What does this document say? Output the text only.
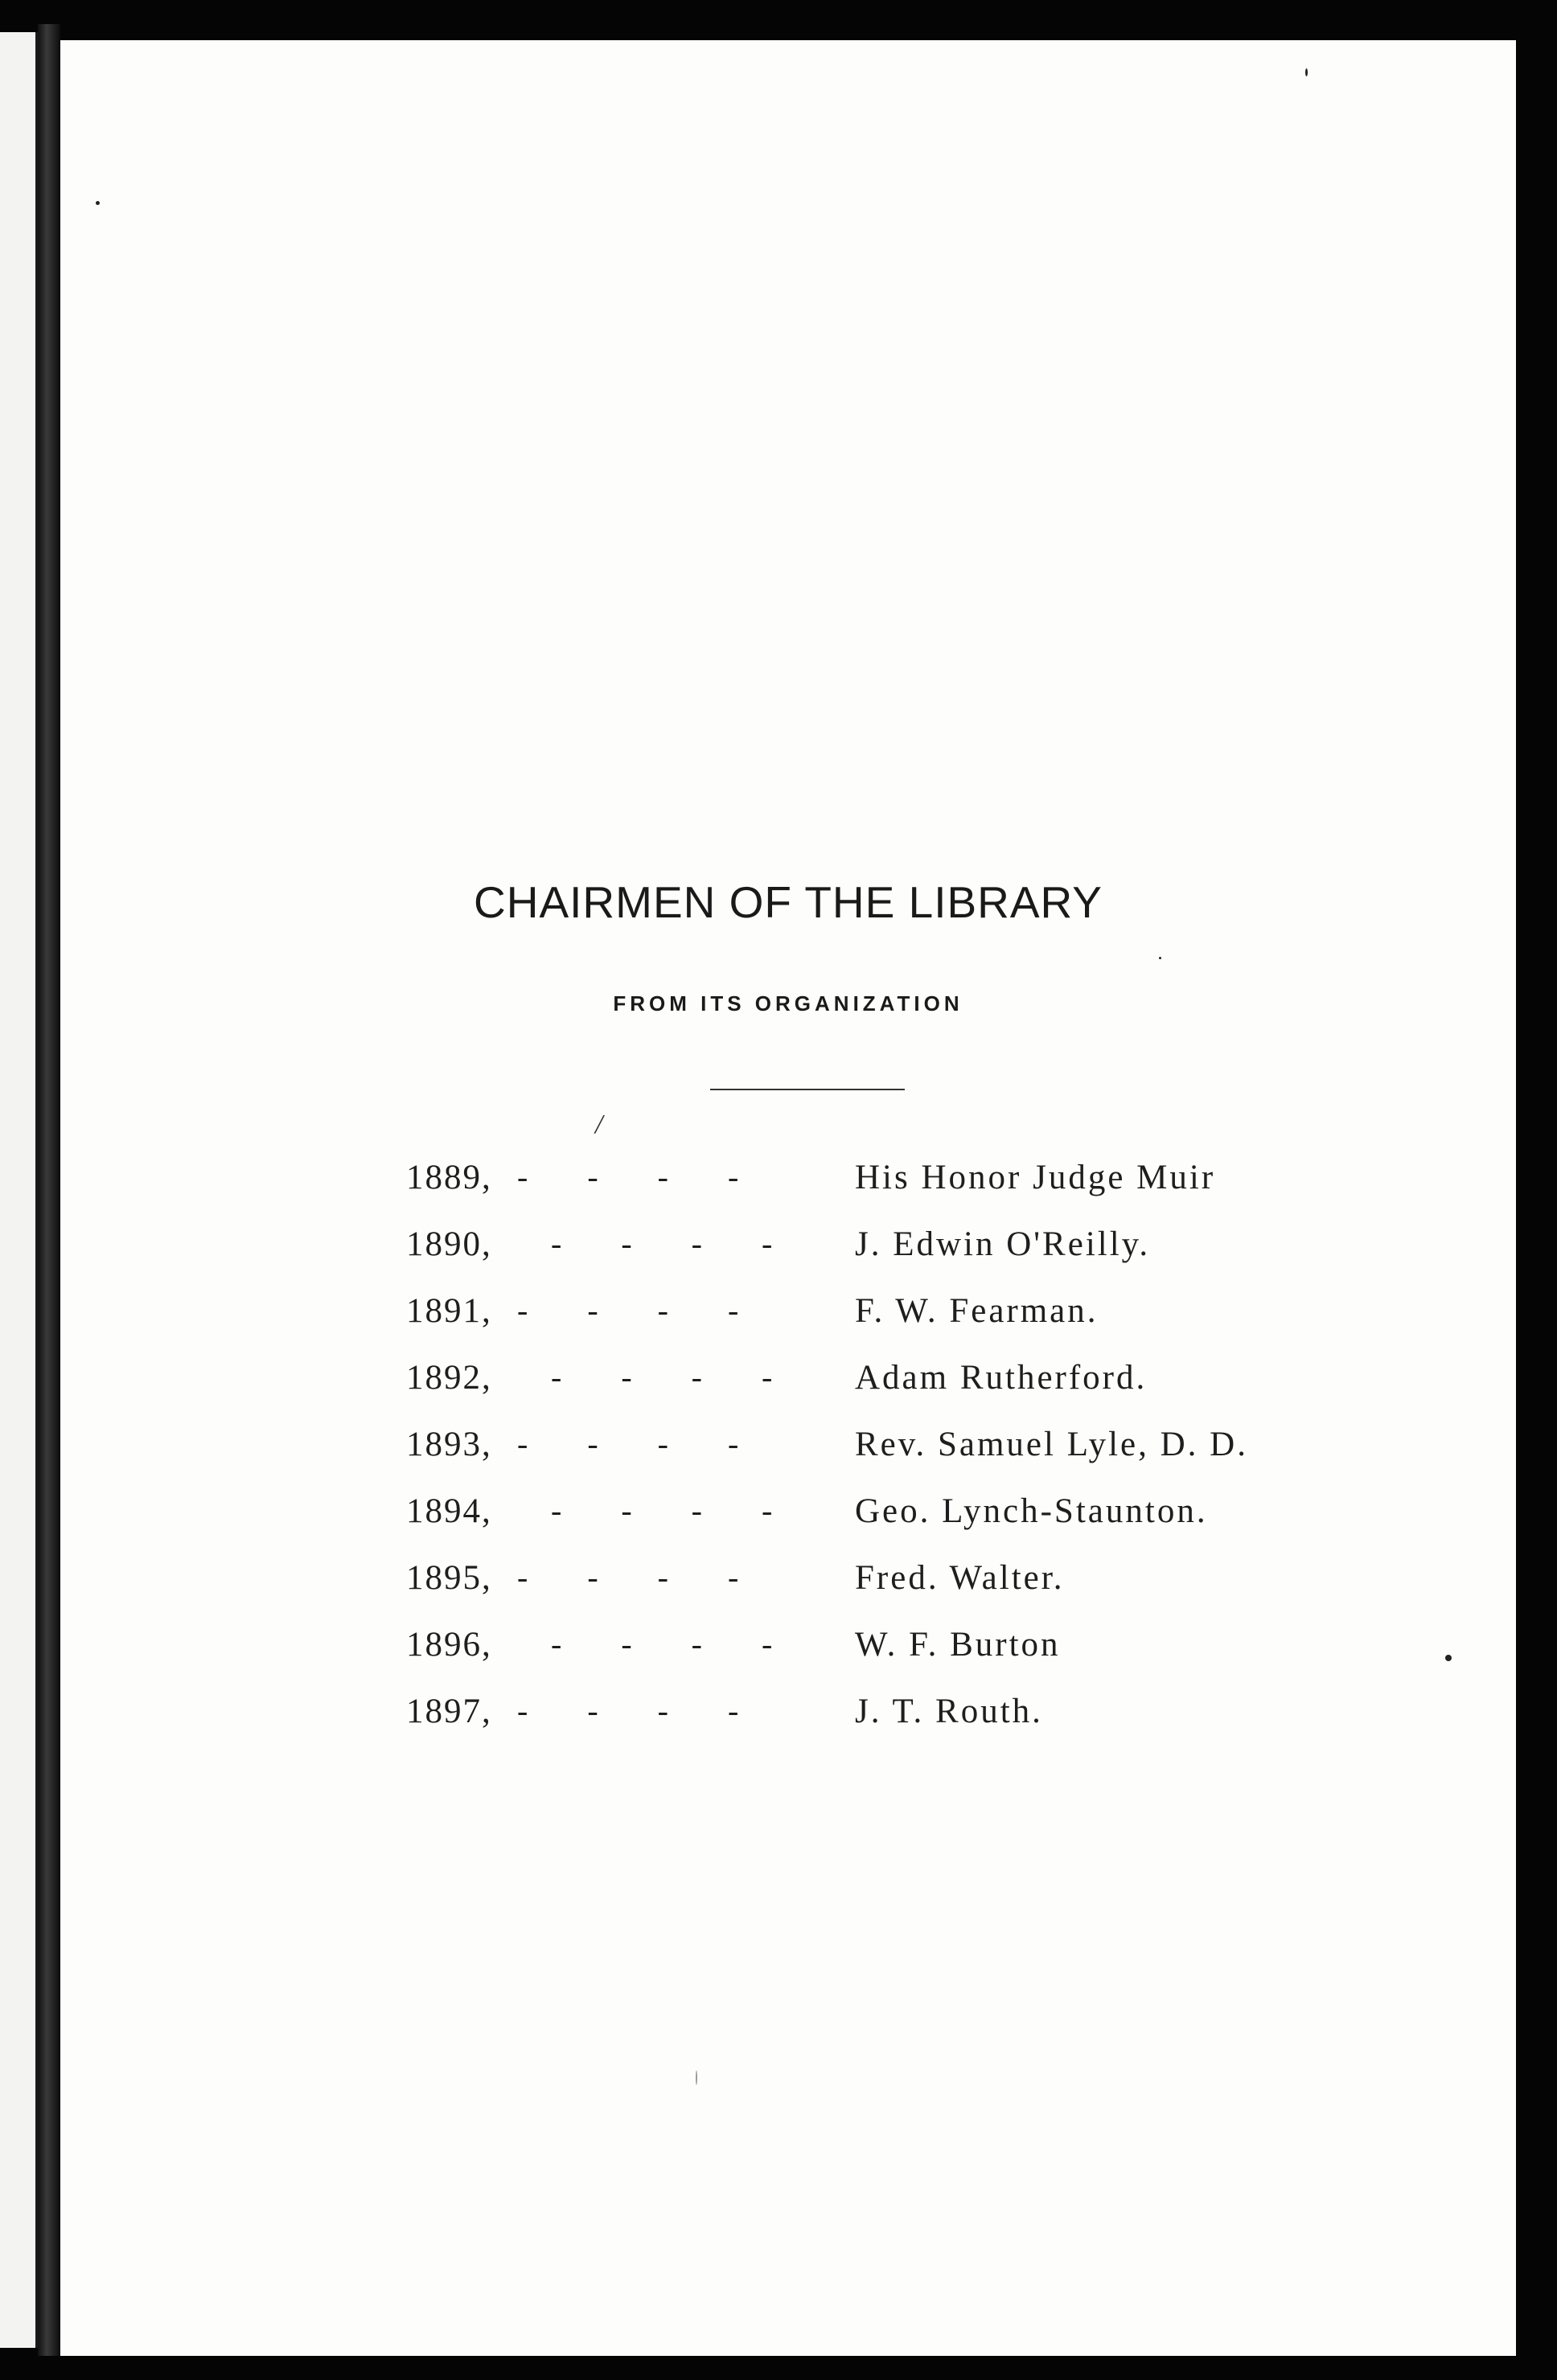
CHAIRMEN OF THE LIBRARY
FROM ITS ORGANIZATION
/
1889, - - - -	His Honor Judge Muir
1890, - - - - J. Edwin O'Reilly.
1891, - - - -	F. W. Fearman.
1892, - - - - Adam Rutherford.
1893, - - - -	Rev. Samuel Lyle, D. D.
1894, - - - - Geo. Lynch-Staunton.
1895, - - - -	Fred. Walter.
1896, - - - - W. F. Burton
1897, - - - -	J. T. Routh.
